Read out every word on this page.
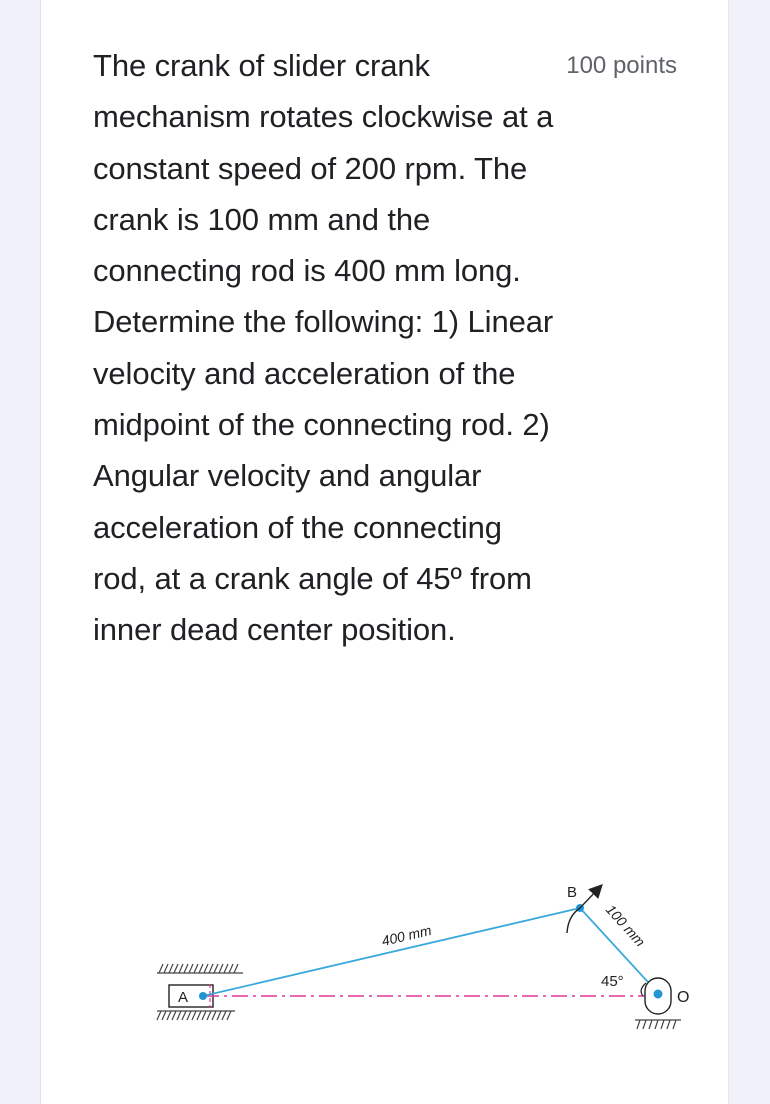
The crank of slider crank mechanism rotates clockwise at a constant speed of 200 rpm. The crank is 100 mm and the connecting rod is 400 mm long. Determine the following: 1) Linear velocity and acceleration of the midpoint of the connecting rod. 2) Angular velocity and angular acceleration of the connecting rod, at a crank angle of 45º from inner dead center position.

100 points
A
B
100 mm
400 mm
45°
O
